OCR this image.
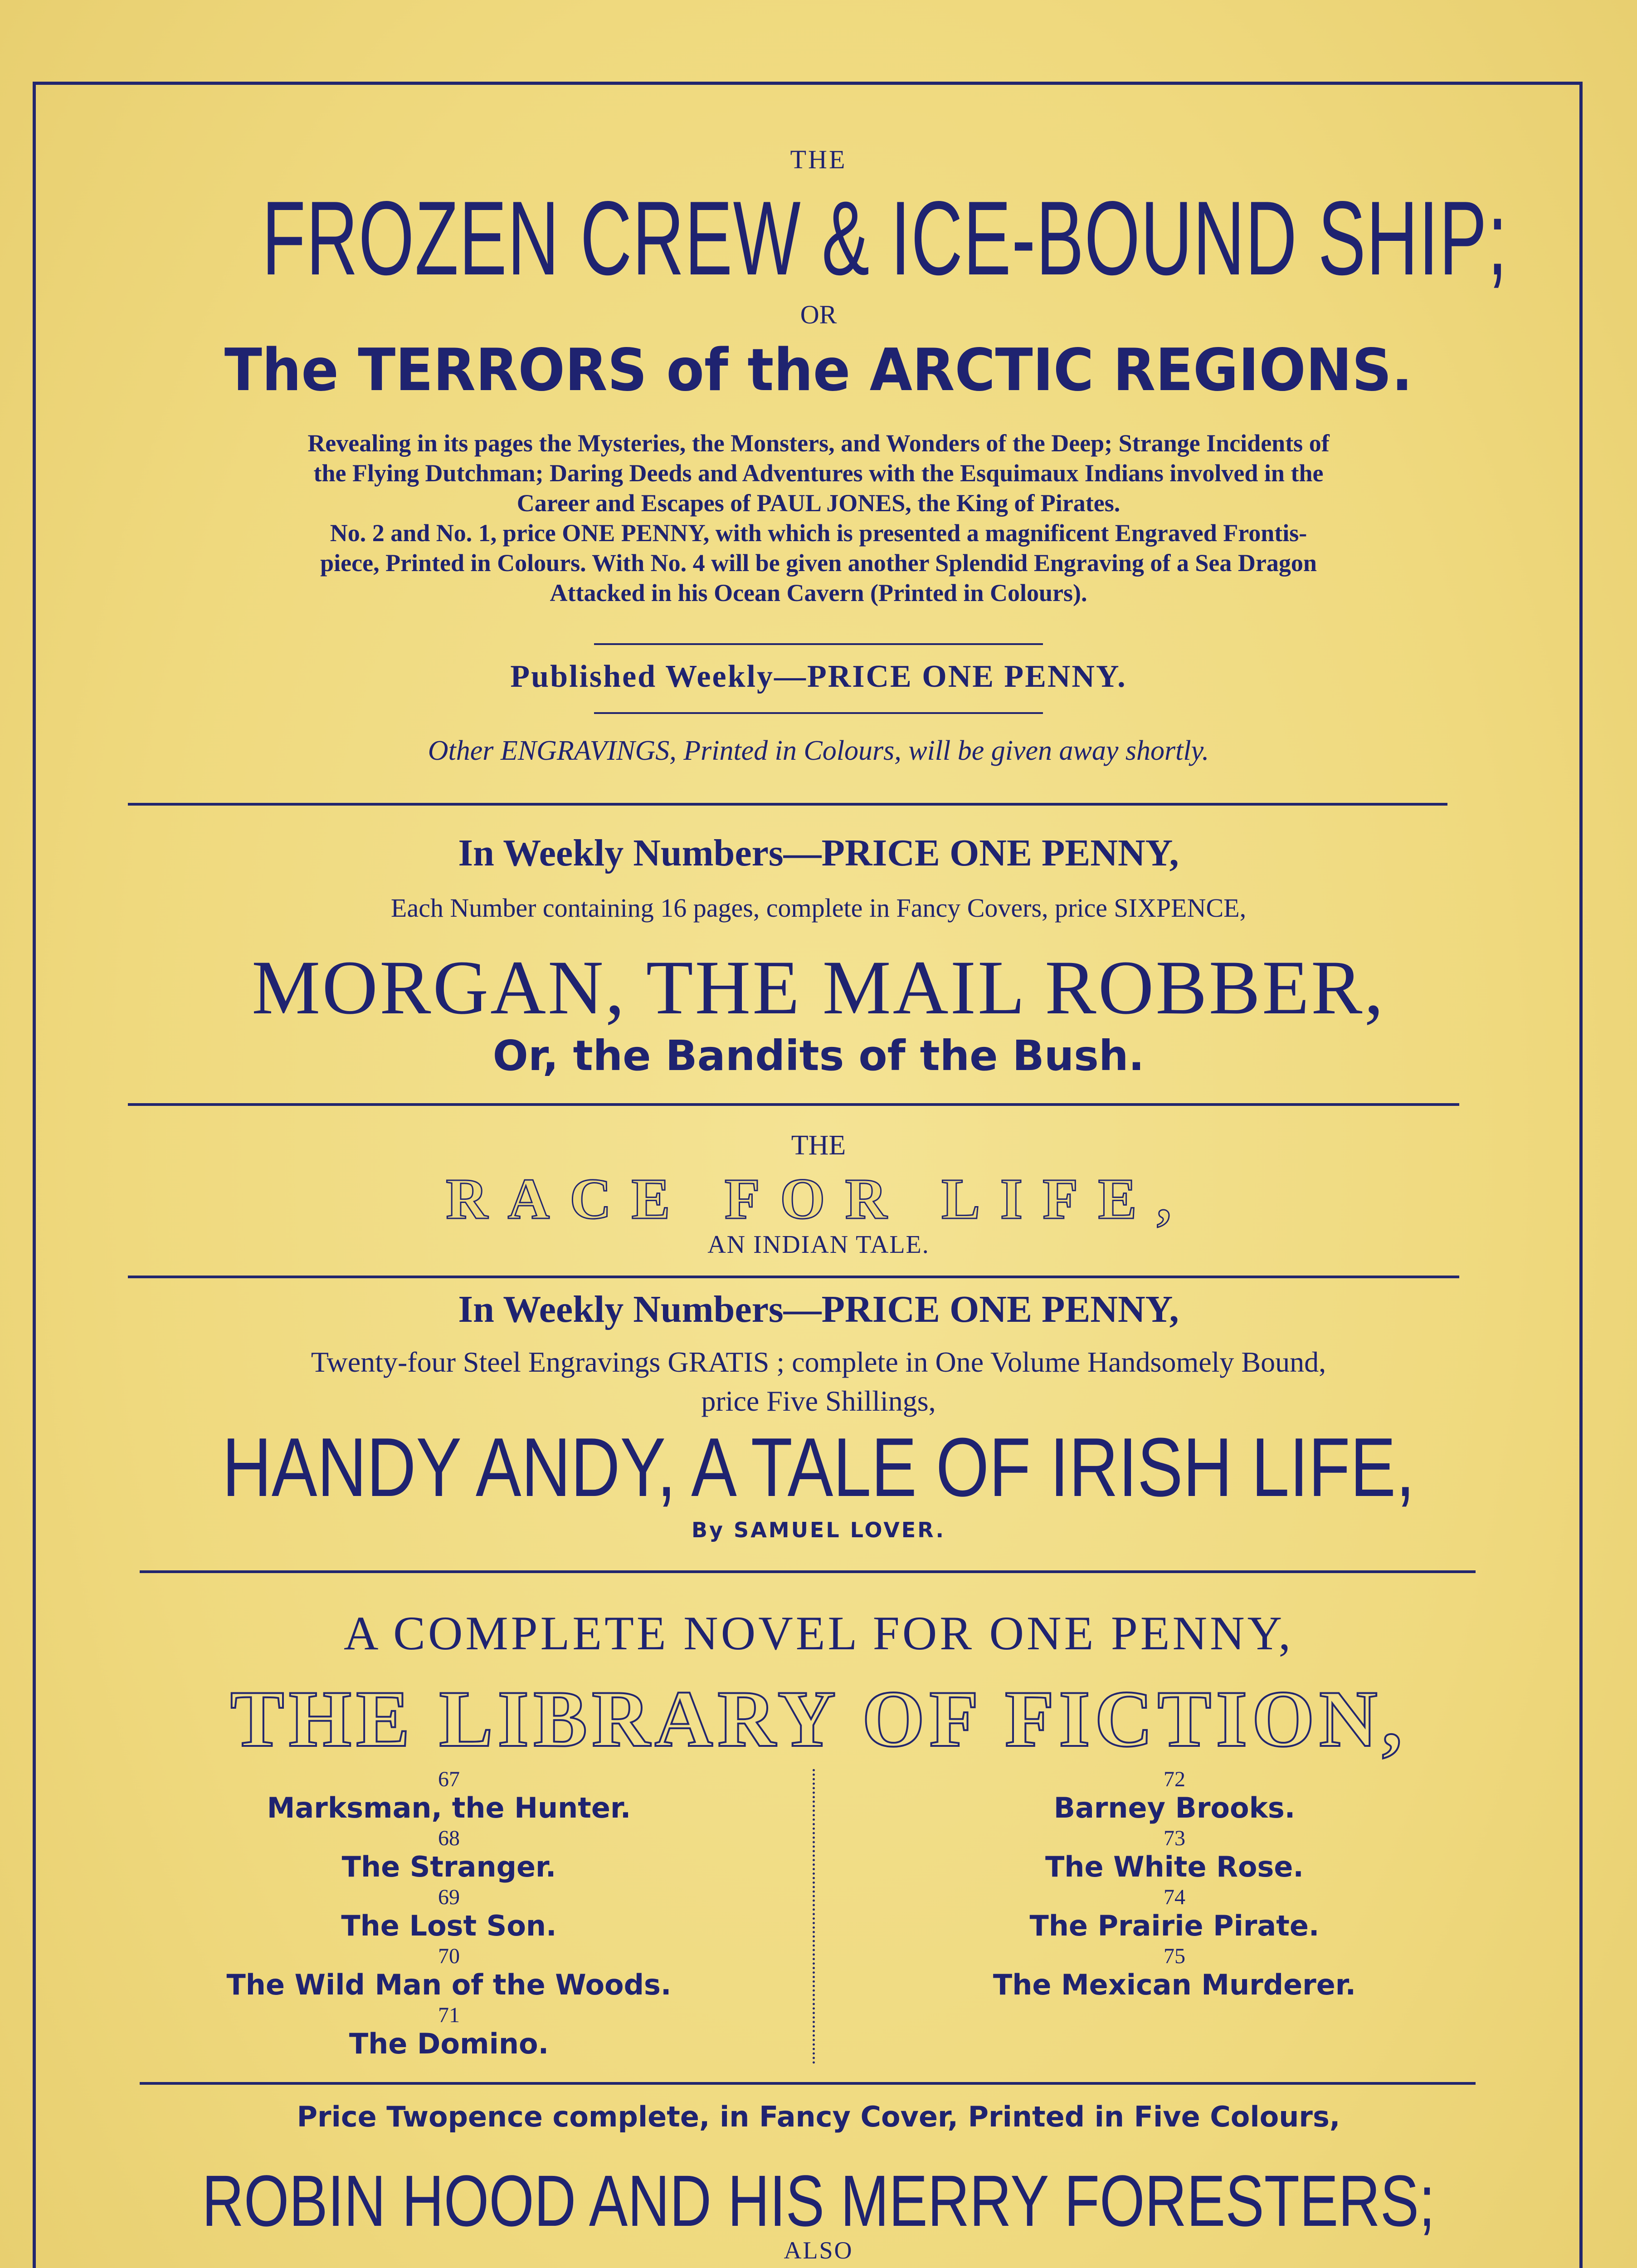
THE
FROZEN CREW & ICE-BOUND SHIP;
OR
The TERRORS of the ARCTIC REGIONS.
Revealing in its pages the Mysteries, the Monsters, and Wonders of the Deep; Strange Incidents of
the Flying Dutchman; Daring Deeds and Adventures with the Esquimaux Indians involved in the
Career and Escapes of PAUL JONES, the King of Pirates.
No. 2 and No. 1, price ONE PENNY, with which is presented a magnificent Engraved Frontis-
piece, Printed in Colours. With No. 4 will be given another Splendid Engraving of a Sea Dragon
Attacked in his Ocean Cavern (Printed in Colours).
Published Weekly—PRICE ONE PENNY.
Other ENGRAVINGS, Printed in Colours, will be given away shortly.
In Weekly Numbers—PRICE ONE PENNY,
Each Number containing 16 pages, complete in Fancy Covers, price SIXPENCE,
MORGAN, THE MAIL ROBBER,
Or, the Bandits of the Bush.
THE
RACE FOR LIFE,
AN INDIAN TALE.
In Weekly Numbers—PRICE ONE PENNY,
Twenty-four Steel Engravings GRATIS ; complete in One Volume Handsomely Bound,
price Five Shillings,
HANDY ANDY, A TALE OF IRISH LIFE,
By SAMUEL LOVER.
A COMPLETE NOVEL FOR ONE PENNY,
THE LIBRARY OF FICTION,
67
Marksman, the Hunter.
68
The Stranger.
69
The Lost Son.
70
The Wild Man of the Woods.
71
The Domino.
72
Barney Brooks.
73
The White Rose.
74
The Prairie Pirate.
75
The Mexican Murderer.
Price Twopence complete, in Fancy Cover, Printed in Five Colours,
ROBIN HOOD AND HIS MERRY FORESTERS;
ALSO
